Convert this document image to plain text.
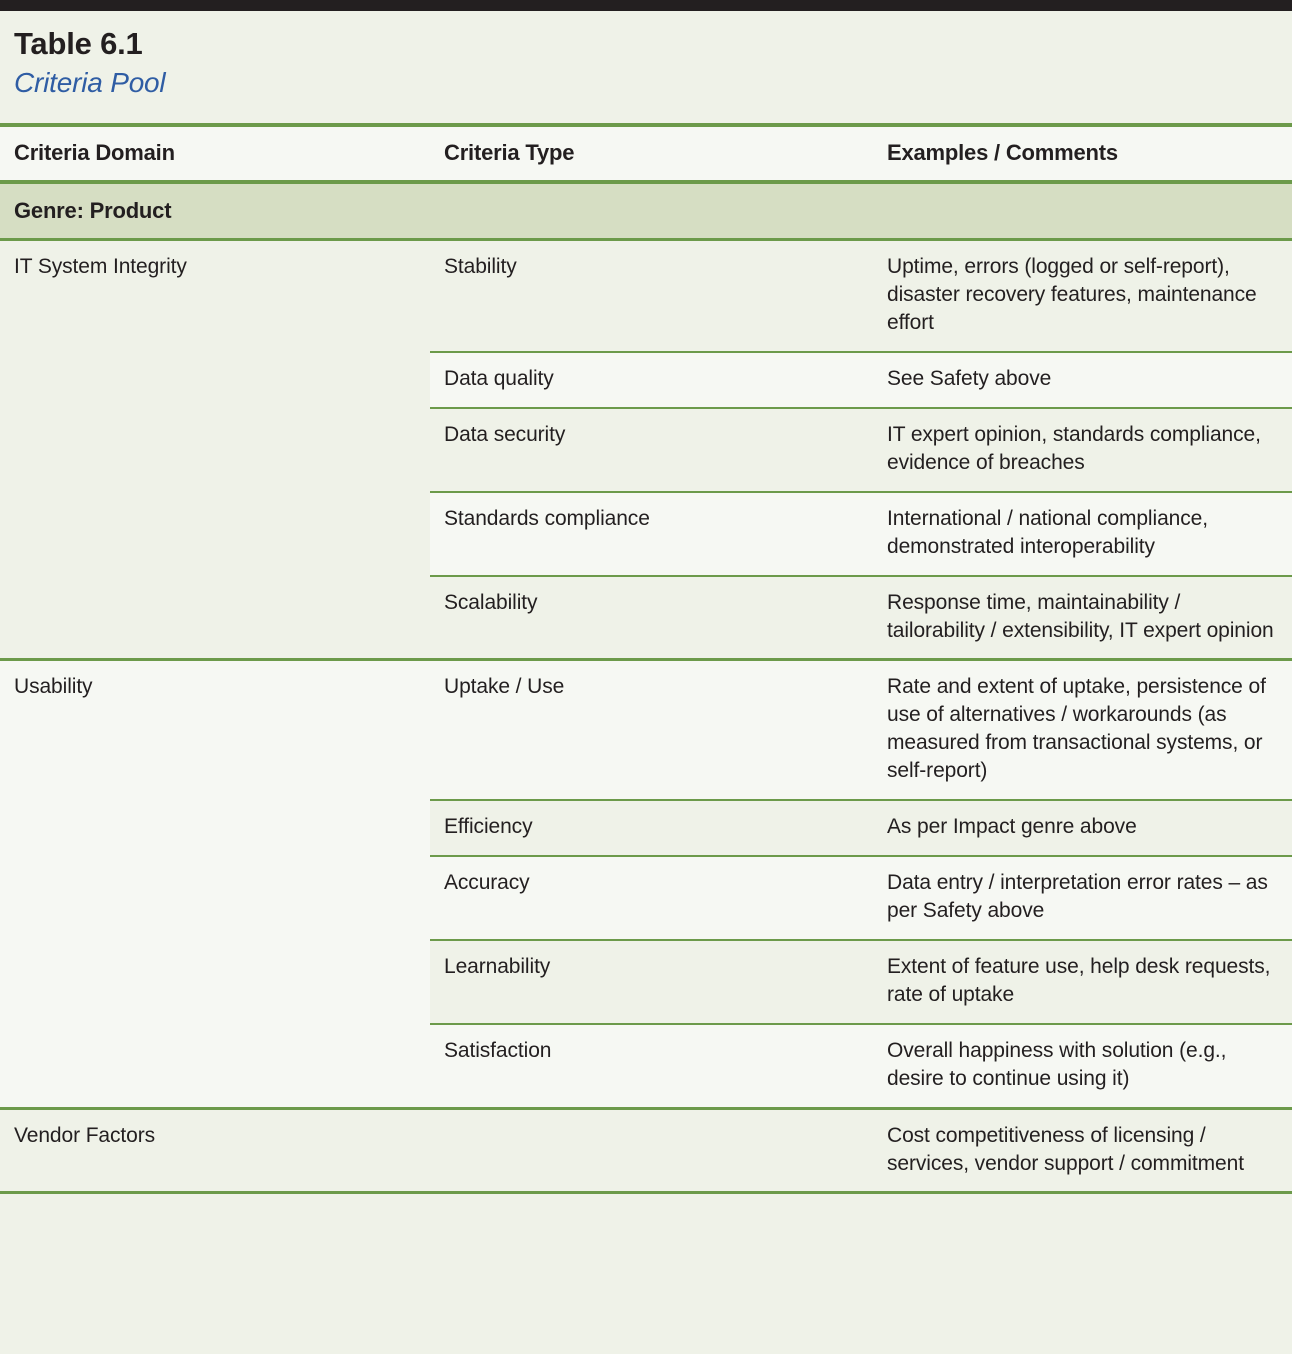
Table 6.1
Criteria Pool
Criteria Domain	Criteria Type	Examples / Comments
Genre: Product		
IT System Integrity	Stability	Uptime, errors (logged or self-report), disaster recovery features, maintenance effort
	Data quality	See Safety above
	Data security	IT expert opinion, standards compliance, evidence of breaches
	Standards compliance	International / national compliance, demonstrated interoperability
	Scalability	Response time, maintainability / tailorability / extensibility, IT expert opinion
Usability	Uptake / Use	Rate and extent of uptake, persistence of use of alternatives / workarounds (as measured from transactional systems, or self-report)
	Efficiency	As per Impact genre above
	Accuracy	Data entry / interpretation error rates – as per Safety above
	Learnability	Extent of feature use, help desk requests, rate of uptake
	Satisfaction	Overall happiness with solution (e.g., desire to continue using it)
Vendor Factors		Cost competitiveness of licensing / services, vendor support / commitment
